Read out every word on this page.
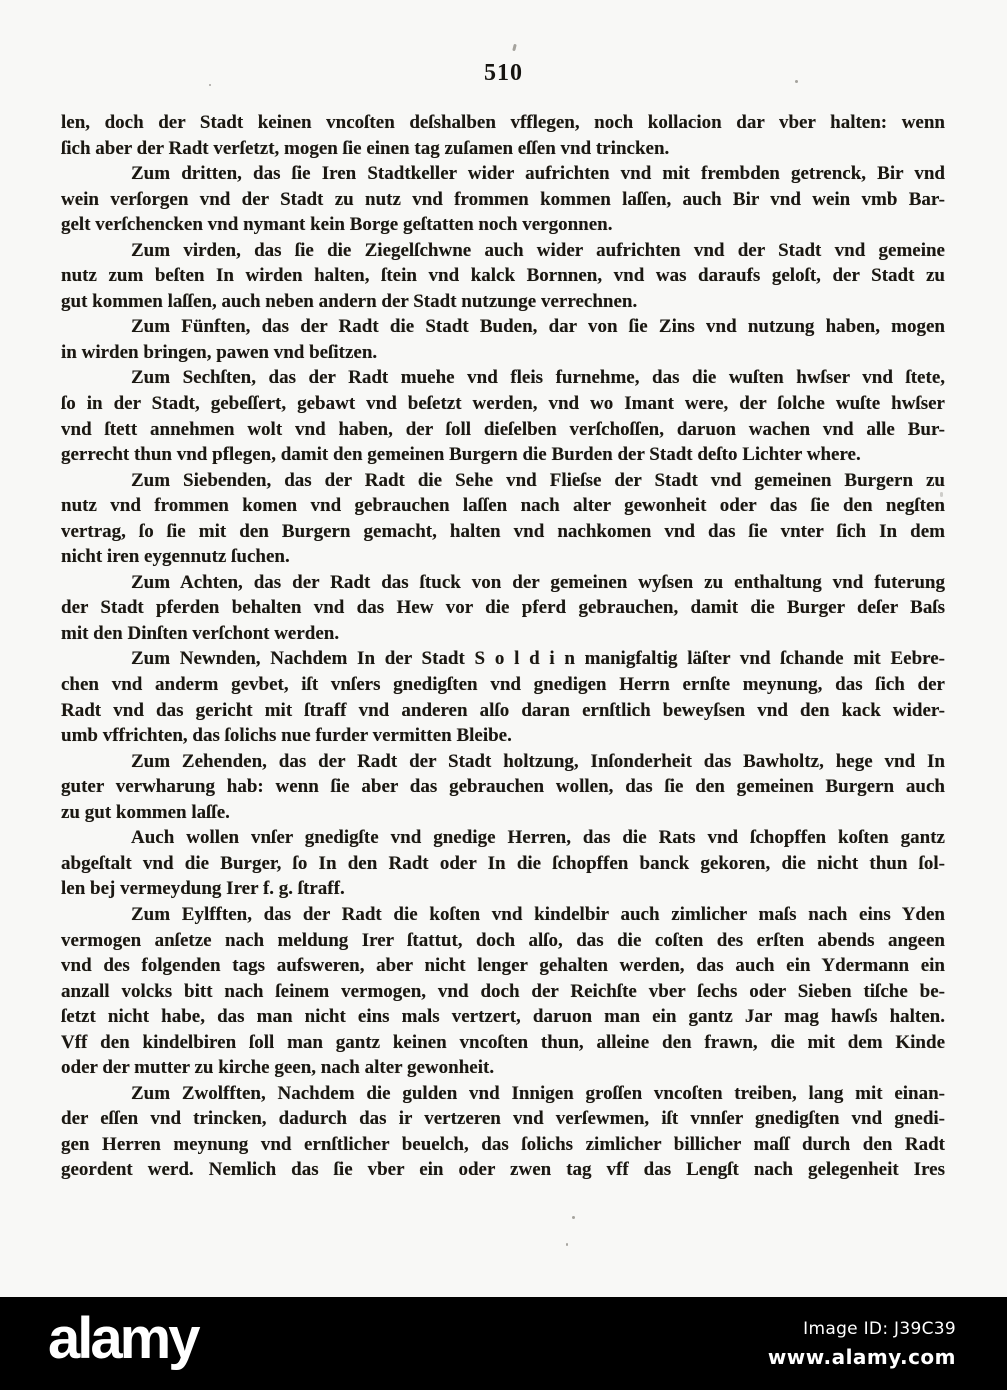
510
len, doch der Stadt keinen vncoſten deſshalben vfflegen, noch kollacion dar vber halten: wenn
ſich aber der Radt verſetzt, mogen ſie einen tag zuſamen eſſen vnd trincken.
Zum dritten, das ſie Iren Stadtkeller wider aufrichten vnd mit frembden getrenck, Bir vnd
wein verſorgen vnd der Stadt zu nutz vnd frommen kommen laſſen, auch Bir vnd wein vmb Bar-
gelt verſchencken vnd nymant kein Borge geſtatten noch vergonnen.
Zum virden, das ſie die Ziegelſchwne auch wider aufrichten vnd der Stadt vnd gemeine
nutz zum beſten In wirden halten, ſtein vnd kalck Bornnen, vnd was daraufs geloſt, der Stadt zu
gut kommen laſſen, auch neben andern der Stadt nutzunge verrechnen.
Zum Fünften, das der Radt die Stadt Buden, dar von ſie Zins vnd nutzung haben, mogen
in wirden bringen, pawen vnd beſitzen.
Zum Sechſten, das der Radt muehe vnd fleis furnehme, das die wuſten hwſser vnd ſtete,
ſo in der Stadt, gebeſſert, gebawt vnd beſetzt werden, vnd wo Imant were, der ſolche wuſte hwſser
vnd ſtett annehmen wolt vnd haben, der ſoll dieſelben verſchoſſen, daruon wachen vnd alle Bur-
gerrecht thun vnd pflegen, damit den gemeinen Burgern die Burden der Stadt deſto Lichter where.
Zum Siebenden, das der Radt die Sehe vnd Flieſse der Stadt vnd gemeinen Burgern zu
nutz vnd frommen komen vnd gebrauchen laſſen nach alter gewonheit oder das ſie den negſten
vertrag, ſo ſie mit den Burgern gemacht, halten vnd nachkomen vnd das ſie vnter ſich In dem
nicht iren eygennutz ſuchen.
Zum Achten, das der Radt das ſtuck von der gemeinen wyſsen zu enthaltung vnd futerung
der Stadt pferden behalten vnd das Hew vor die pferd gebrauchen, damit die Burger deſer Baſs
mit den Dinſten verſchont werden.
Zum Newnden, Nachdem In der Stadt S o l d i n manigfaltig läſter vnd ſchande mit Eebre-
chen vnd anderm gevbet, iſt vnſers gnedigſten vnd gnedigen Herrn ernſte meynung, das ſich der
Radt vnd das gericht mit ſtraff vnd anderen alſo daran ernſtlich beweyſsen vnd den kack wider-
umb vffrichten, das ſolichs nue furder vermitten Bleibe.
Zum Zehenden, das der Radt der Stadt holtzung, Inſonderheit das Bawholtz, hege vnd In
guter verwharung hab: wenn ſie aber das gebrauchen wollen, das ſie den gemeinen Burgern auch
zu gut kommen laſſe.
Auch wollen vnſer gnedigſte vnd gnedige Herren, das die Rats vnd ſchopffen koſten gantz
abgeſtalt vnd die Burger, ſo In den Radt oder In die ſchopffen banck gekoren, die nicht thun ſol-
len bej vermeydung Irer f. g. ſtraff.
Zum Eylfften, das der Radt die koſten vnd kindelbir auch zimlicher maſs nach eins Yden
vermogen anſetze nach meldung Irer ſtattut, doch alſo, das die coſten des erſten abends angeen
vnd des folgenden tags aufsweren, aber nicht lenger gehalten werden, das auch ein Ydermann ein
anzall volcks bitt nach ſeinem vermogen, vnd doch der Reichſte vber ſechs oder Sieben tiſche be-
ſetzt nicht habe, das man nicht eins mals vertzert, daruon man ein gantz Jar mag hawſs halten.
Vff den kindelbiren ſoll man gantz keinen vncoſten thun, alleine den frawn, die mit dem Kinde
oder der mutter zu kirche geen, nach alter gewonheit.
Zum Zwolfften, Nachdem die gulden vnd Innigen groſſen vncoſten treiben, lang mit einan-
der eſſen vnd trincken, dadurch das ir vertzeren vnd verſewmen, iſt vnnſer gnedigſten vnd gnedi-
gen Herren meynung vnd ernſtlicher beuelch, das ſolichs zimlicher billicher maſſ durch den Radt
geordent werd. Nemlich das ſie vber ein oder zwen tag vff das Lengſt nach gelegenheit Ires
alamy	Image ID: J39C39
www.alamy.com
